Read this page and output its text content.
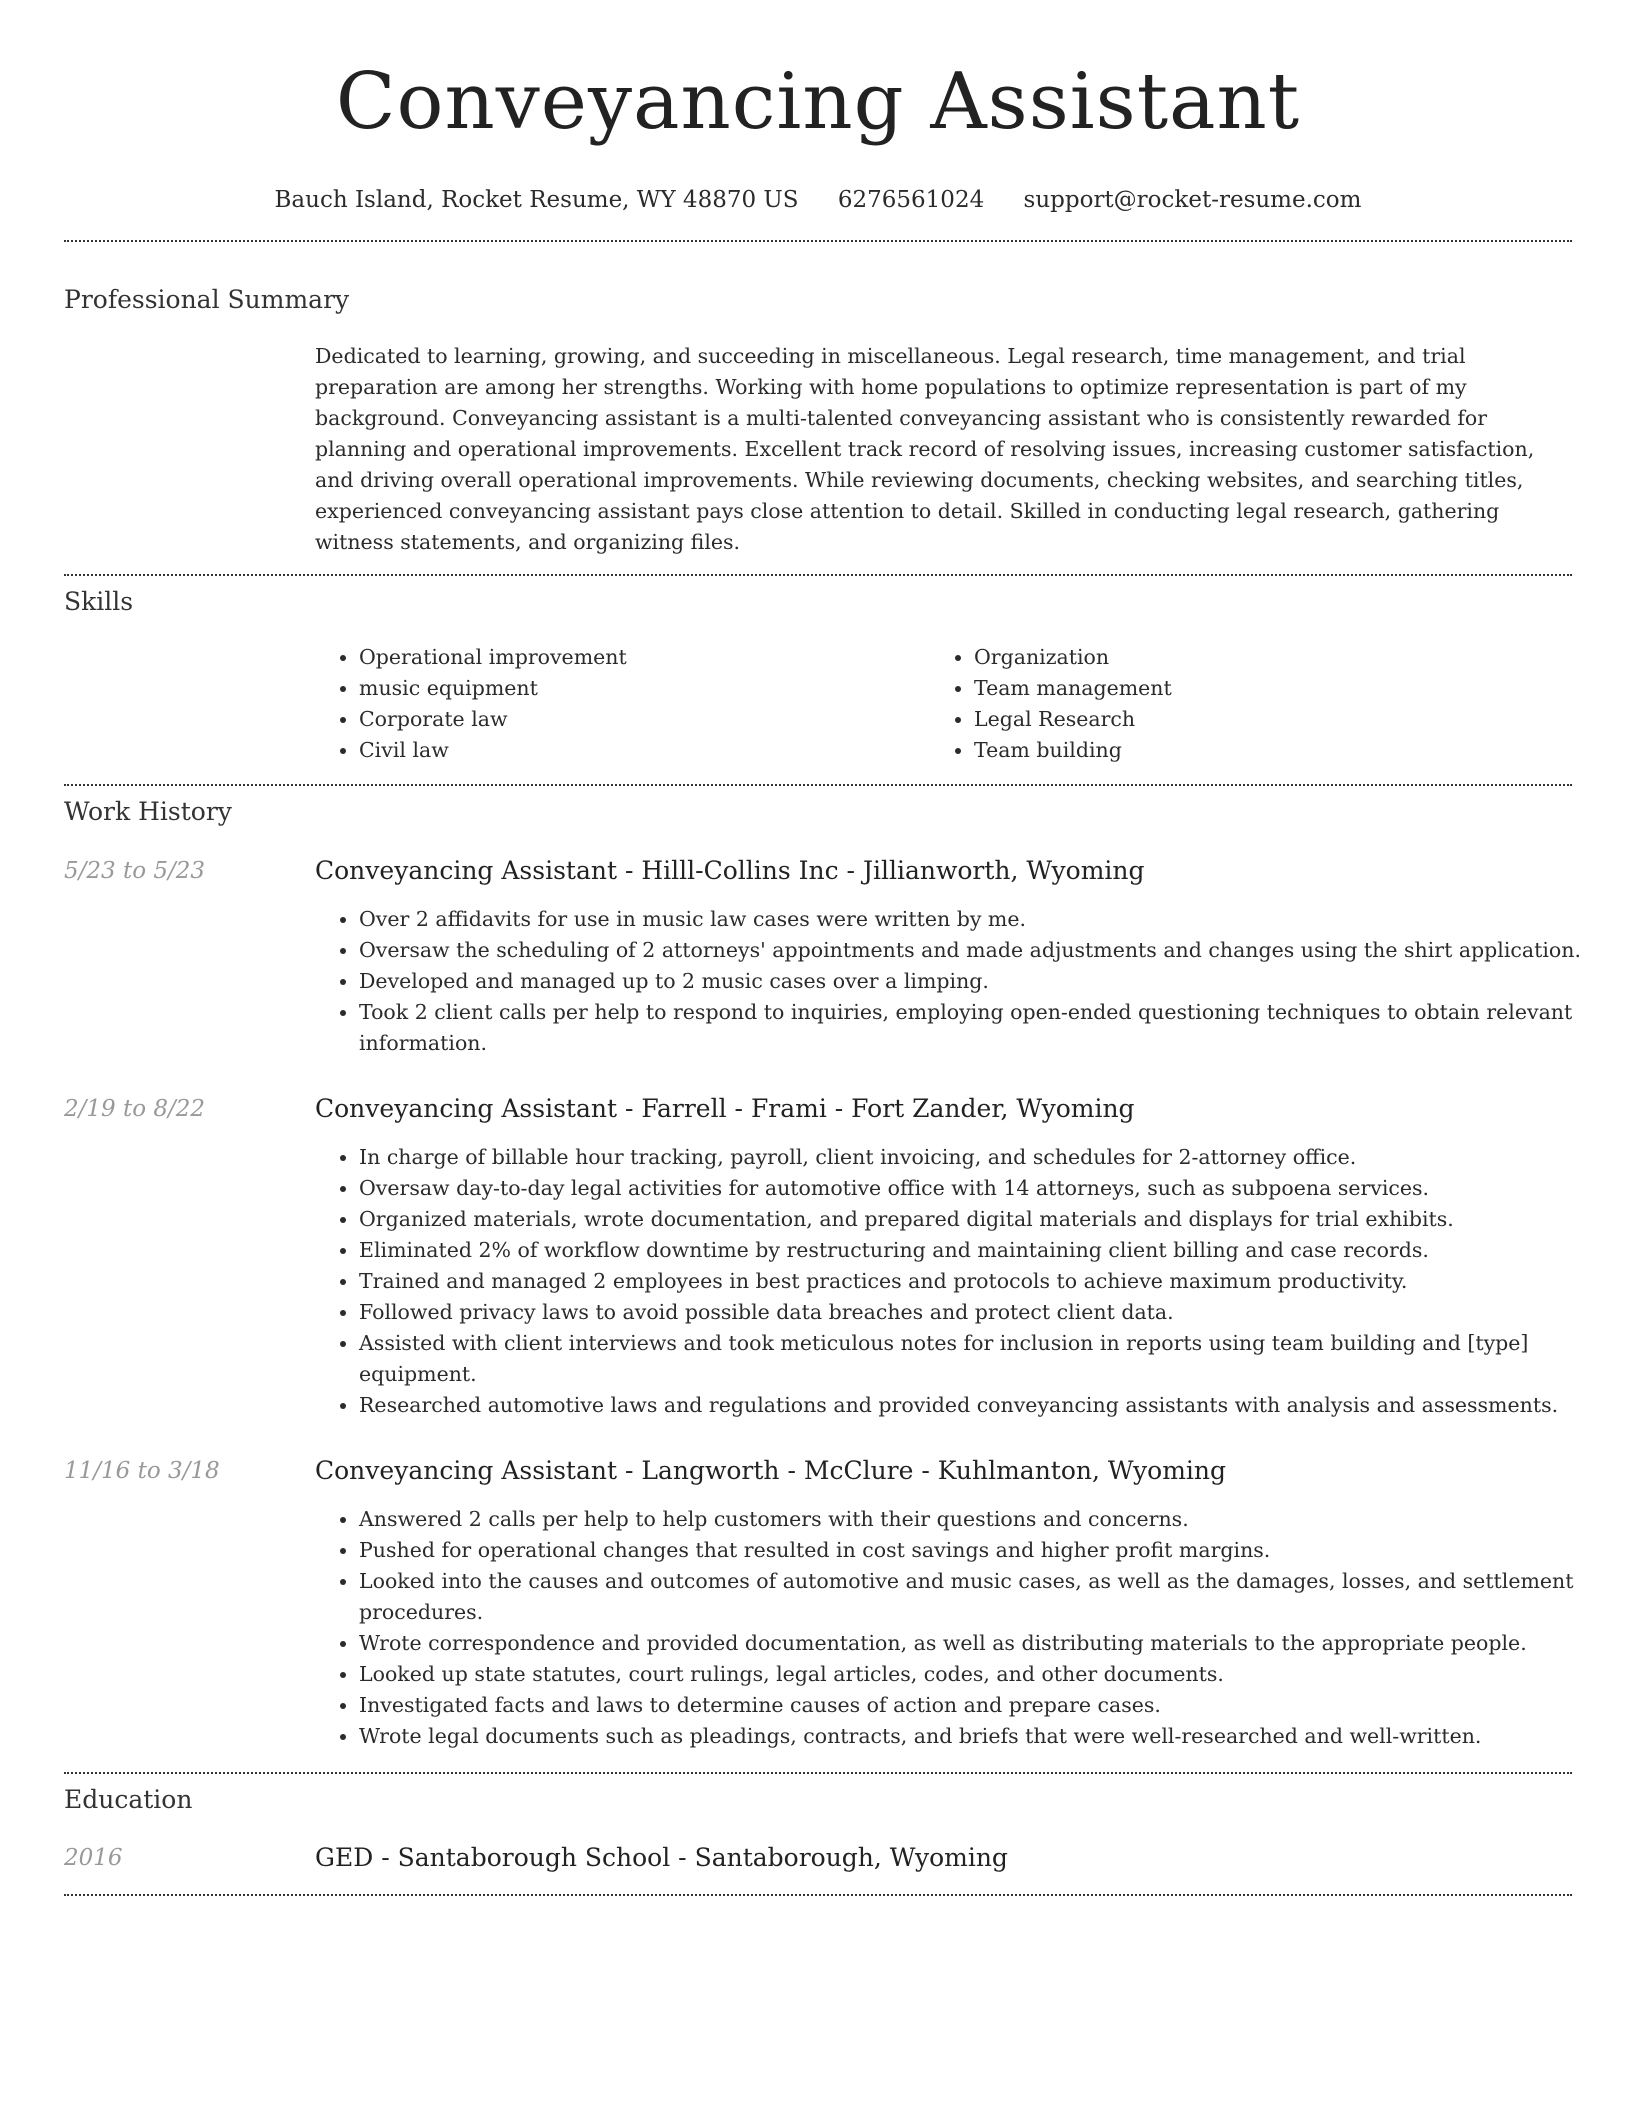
Conveyancing Assistant
Bauch Island, Rocket Resume, WY 48870 US 6276561024 support@rocket-resume.com
Professional Summary
Dedicated to learning, growing, and succeeding in miscellaneous. Legal research, time management, and trial preparation are among her strengths. Working with home populations to optimize representation is part of my background. Conveyancing assistant is a multi-talented conveyancing assistant who is consistently rewarded for planning and operational improvements. Excellent track record of resolving issues, increasing customer satisfaction, and driving overall operational improvements. While reviewing documents, checking websites, and searching titles, experienced conveyancing assistant pays close attention to detail. Skilled in conducting legal research, gathering witness statements, and organizing files.
Skills
• Operational improvement
• music equipment
• Corporate law
• Civil law
• Organization
• Team management
• Legal Research
• Team building
Work History
5/23 to 5/23	Conveyancing Assistant - Hilll-Collins Inc - Jillianworth, Wyoming
• Over 2 affidavits for use in music law cases were written by me.
• Oversaw the scheduling of 2 attorneys' appointments and made adjustments and changes using the shirt application.
• Developed and managed up to 2 music cases over a limping.
• Took 2 client calls per help to respond to inquiries, employing open-ended questioning techniques to obtain relevant information.
2/19 to 8/22	Conveyancing Assistant - Farrell - Frami - Fort Zander, Wyoming
• In charge of billable hour tracking, payroll, client invoicing, and schedules for 2-attorney office.
• Oversaw day-to-day legal activities for automotive office with 14 attorneys, such as subpoena services.
• Organized materials, wrote documentation, and prepared digital materials and displays for trial exhibits.
• Eliminated 2% of workflow downtime by restructuring and maintaining client billing and case records.
• Trained and managed 2 employees in best practices and protocols to achieve maximum productivity.
• Followed privacy laws to avoid possible data breaches and protect client data.
• Assisted with client interviews and took meticulous notes for inclusion in reports using team building and [type] equipment.
• Researched automotive laws and regulations and provided conveyancing assistants with analysis and assessments.
11/16 to 3/18	Conveyancing Assistant - Langworth - McClure - Kuhlmanton, Wyoming
• Answered 2 calls per help to help customers with their questions and concerns.
• Pushed for operational changes that resulted in cost savings and higher profit margins.
• Looked into the causes and outcomes of automotive and music cases, as well as the damages, losses, and settlement procedures.
• Wrote correspondence and provided documentation, as well as distributing materials to the appropriate people.
• Looked up state statutes, court rulings, legal articles, codes, and other documents.
• Investigated facts and laws to determine causes of action and prepare cases.
• Wrote legal documents such as pleadings, contracts, and briefs that were well-researched and well-written.
Education
2016	GED - Santaborough School - Santaborough, Wyoming
